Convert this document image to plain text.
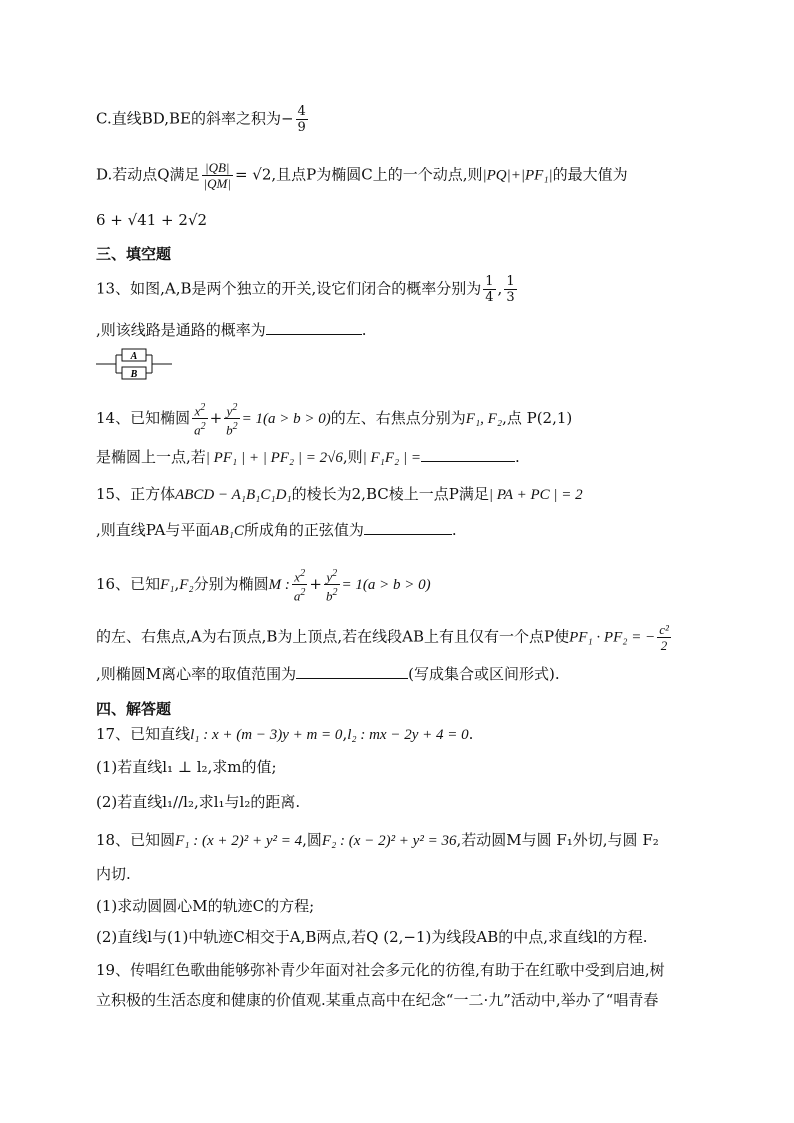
C.直线BD,BE的斜率之积为− $\frac{4}{9}$
D.若动点Q满足 $\frac{|QB|}{|QM|} = √2$,且点P为椭圆C上的一个动点,则|PQ|+|PF₁|的最大值为
6 + √41 + 2√2
三、填空题
13、如图,A,B是两个独立的开关,设它们闭合的概率分别为 $\frac{1}{4}$ , $\frac{1}{3}$
,则该线路是通路的概率为	.
A
B
14、已知椭圆 $\frac{x^2}{a^2} + \frac{y^2}{b^2} = 1(a > b > 0)$的左、右焦点分别为F₁, F₂,点 P(2,1)
是椭圆上一点,若| PF₁ | + | PF₂ | = 2√6,则| F₁F₂ | =	.
15、正方体ABCD − A₁B₁C₁D₁的棱长为2,BC棱上一点P满足| PA + PC | = 2
,则直线PA与平面AB₁C所成角的正弦值为	.
16、已知F₁,F₂分别为椭圆M : $\frac{x^2}{a^2} + \frac{y^2}{b^2} = 1(a > b > 0)$
的左、右焦点,A为右顶点,B为上顶点,若在线段AB上有且仅有一个点P使PF₁ · PF₂ = − $\frac{\text{c²}}{2}$
,则椭圆M离心率的取值范围为	(写成集合或区间形式).
四、解答题
17、已知直线l₁ : x + (m − 3)y + m = 0,l₂ : mx − 2y + 4 = 0.
(1)若直线l₁ ⊥ l₂,求m的值;
(2)若直线l₁//l₂,求l₁与l₂的距离.
18、已知圆F₁ : (x + 2)² + y² = 4,圆F₂ : (x − 2)² + y² = 36,若动圆M与圆 F₁外切,与圆 F₂
内切.
(1)求动圆圆心M的轨迹C的方程;
(2)直线l与(1)中轨迹C相交于A,B两点,若Q (2,−1)为线段AB的中点,求直线l的方程.
19、传唱红色歌曲能够弥补青少年面对社会多元化的彷徨,有助于在红歌中受到启迪,树
立积极的生活态度和健康的价值观.某重点高中在纪念“一二·九”活动中,举办了“唱青春
